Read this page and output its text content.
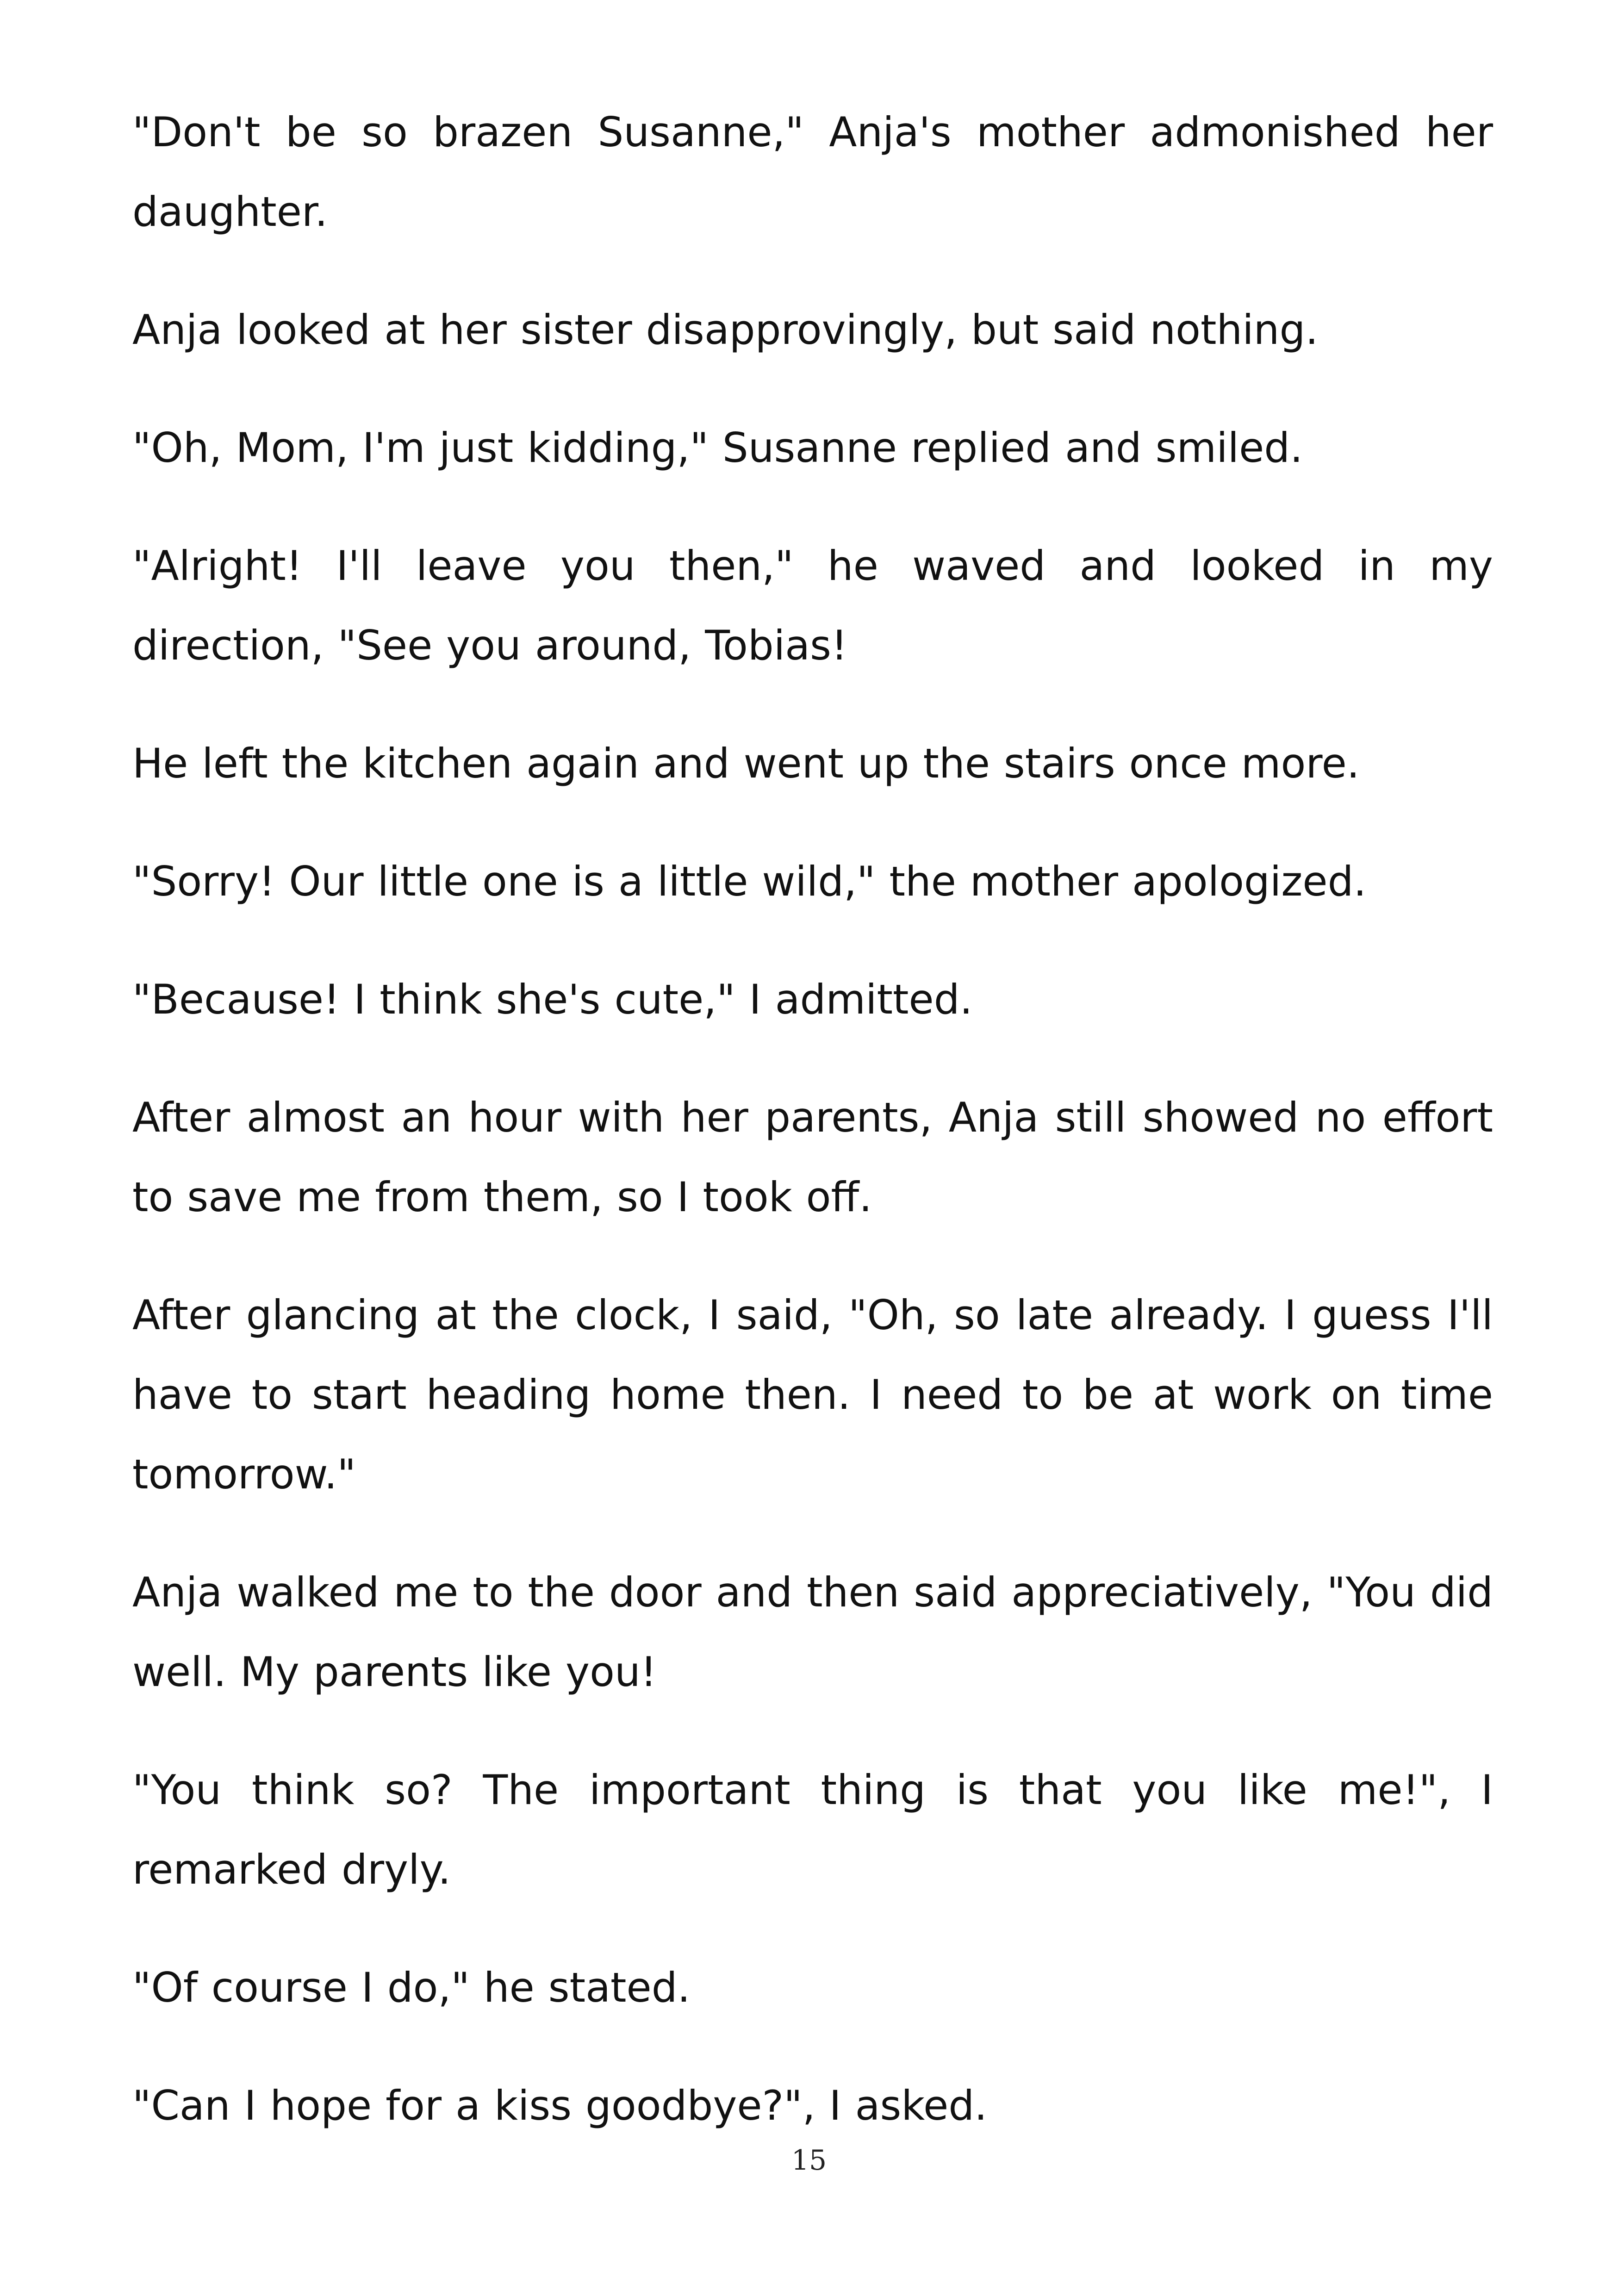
"Don't be so brazen Susanne," Anja's mother admonished her daughter.

Anja looked at her sister disapprovingly, but said nothing.

"Oh, Mom, I'm just kidding," Susanne replied and smiled.

"Alright! I'll leave you then," he waved and looked in my direction, "See you around, Tobias!

He left the kitchen again and went up the stairs once more.

"Sorry! Our little one is a little wild," the mother apologized.

"Because! I think she's cute," I admitted.

After almost an hour with her parents, Anja still showed no effort to save me from them, so I took off.

After glancing at the clock, I said, "Oh, so late already. I guess I'll have to start heading home then. I need to be at work on time tomorrow."

Anja walked me to the door and then said appreciatively, "You did well. My parents like you!

"You think so? The important thing is that you like me!", I remarked dryly.

"Of course I do," he stated.

"Can I hope for a kiss goodbye?", I asked.

15
